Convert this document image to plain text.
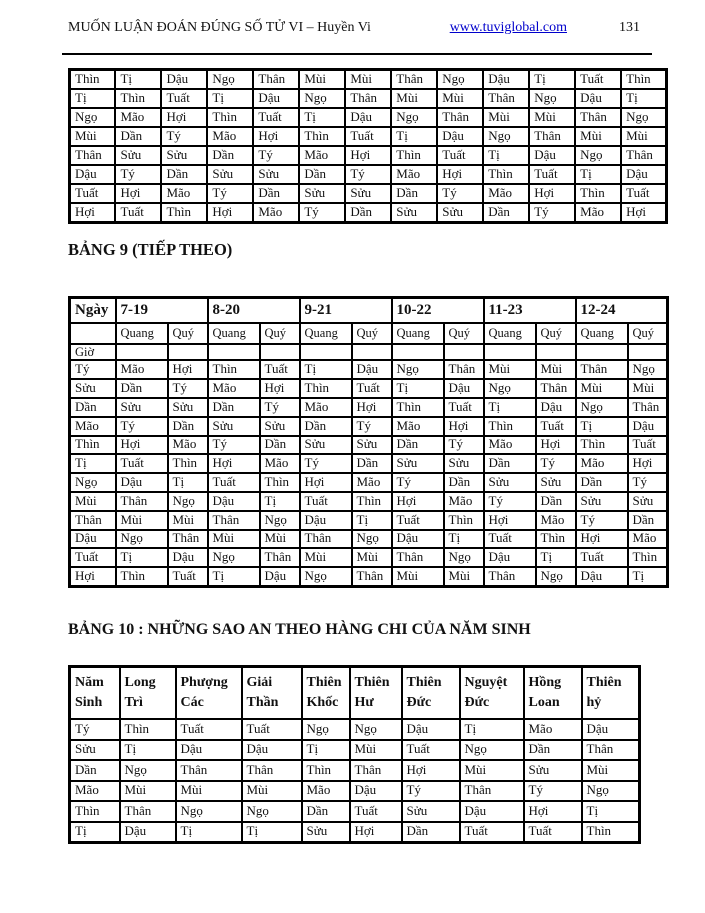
MUỐN LUẬN ĐOÁN ĐÚNG SỐ TỬ VI – Huyền Vi	www.tuviglobal.com	131
Thìn	Tị	Dậu	Ngọ	Thân	Mùi	Mùi	Thân	Ngọ	Dậu	Tị	Tuất	Thìn
Tị	Thìn	Tuất	Tị	Dậu	Ngọ	Thân	Mùi	Mùi	Thân	Ngọ	Dậu	Tị
Ngọ	Mão	Hợi	Thìn	Tuất	Tị	Dậu	Ngọ	Thân	Mùi	Mùi	Thân	Ngọ
Mùi	Dần	Tý	Mão	Hợi	Thìn	Tuất	Tị	Dậu	Ngọ	Thân	Mùi	Mùi
Thân	Sửu	Sửu	Dần	Tý	Mão	Hợi	Thìn	Tuất	Tị	Dậu	Ngọ	Thân
Dậu	Tý	Dần	Sửu	Sửu	Dần	Tý	Mão	Hợi	Thìn	Tuất	Tị	Dậu
Tuất	Hợi	Mão	Tý	Dần	Sửu	Sửu	Dần	Tý	Mão	Hợi	Thìn	Tuất
Hợi	Tuất	Thìn	Hợi	Mão	Tý	Dần	Sửu	Sửu	Dần	Tý	Mão	Hợi
BẢNG 9 (TIẾP THEO)
Ngày	7-19		8-20		9-21		10-22		11-23		12-24	
	Quang	Quý	Quang	Quý	Quang	Quý	Quang	Quý	Quang	Quý	Quang	Quý
Giờ												
Tý	Mão	Hợi	Thìn	Tuất	Tị	Dậu	Ngọ	Thân	Mùi	Mùi	Thân	Ngọ
Sửu	Dần	Tý	Mão	Hợi	Thìn	Tuất	Tị	Dậu	Ngọ	Thân	Mùi	Mùi
Dần	Sửu	Sửu	Dần	Tý	Mão	Hợi	Thìn	Tuất	Tị	Dậu	Ngọ	Thân
Mão	Tý	Dần	Sửu	Sửu	Dần	Tý	Mão	Hợi	Thìn	Tuất	Tị	Dậu
Thìn	Hợi	Mão	Tý	Dần	Sửu	Sửu	Dần	Tý	Mão	Hợi	Thìn	Tuất
Tị	Tuất	Thìn	Hợi	Mão	Tý	Dần	Sửu	Sửu	Dần	Tý	Mão	Hợi
Ngọ	Dậu	Tị	Tuất	Thìn	Hợi	Mão	Tý	Dần	Sửu	Sửu	Dần	Tý
Mùi	Thân	Ngọ	Dậu	Tị	Tuất	Thìn	Hợi	Mão	Tý	Dần	Sửu	Sửu
Thân	Mùi	Mùi	Thân	Ngọ	Dậu	Tị	Tuất	Thìn	Hợi	Mão	Tý	Dần
Dậu	Ngọ	Thân	Mùi	Mùi	Thân	Ngọ	Dậu	Tị	Tuất	Thìn	Hợi	Mão
Tuất	Tị	Dậu	Ngọ	Thân	Mùi	Mùi	Thân	Ngọ	Dậu	Tị	Tuất	Thìn
Hợi	Thìn	Tuất	Tị	Dậu	Ngọ	Thân	Mùi	Mùi	Thân	Ngọ	Dậu	Tị
BẢNG 10 : NHỮNG SAO AN THEO HÀNG CHI CỦA NĂM SINH
Năm Sinh	Long Trì	Phượng Các	Giải Thần	Thiên Khốc	Thiên Hư	Thiên Đức	Nguyệt Đức	Hồng Loan	Thiên hỷ
Tý	Thìn	Tuất	Tuất	Ngọ	Ngọ	Dậu	Tị	Mão	Dậu
Sửu	Tị	Dậu	Dậu	Tị	Mùi	Tuất	Ngọ	Dần	Thân
Dần	Ngọ	Thân	Thân	Thìn	Thân	Hợi	Mùi	Sửu	Mùi
Mão	Mùi	Mùi	Mùi	Mão	Dậu	Tý	Thân	Tý	Ngọ
Thìn	Thân	Ngọ	Ngọ	Dần	Tuất	Sửu	Dậu	Hợi	Tị
Tị	Dậu	Tị	Tị	Sửu	Hợi	Dần	Tuất	Tuất	Thìn
